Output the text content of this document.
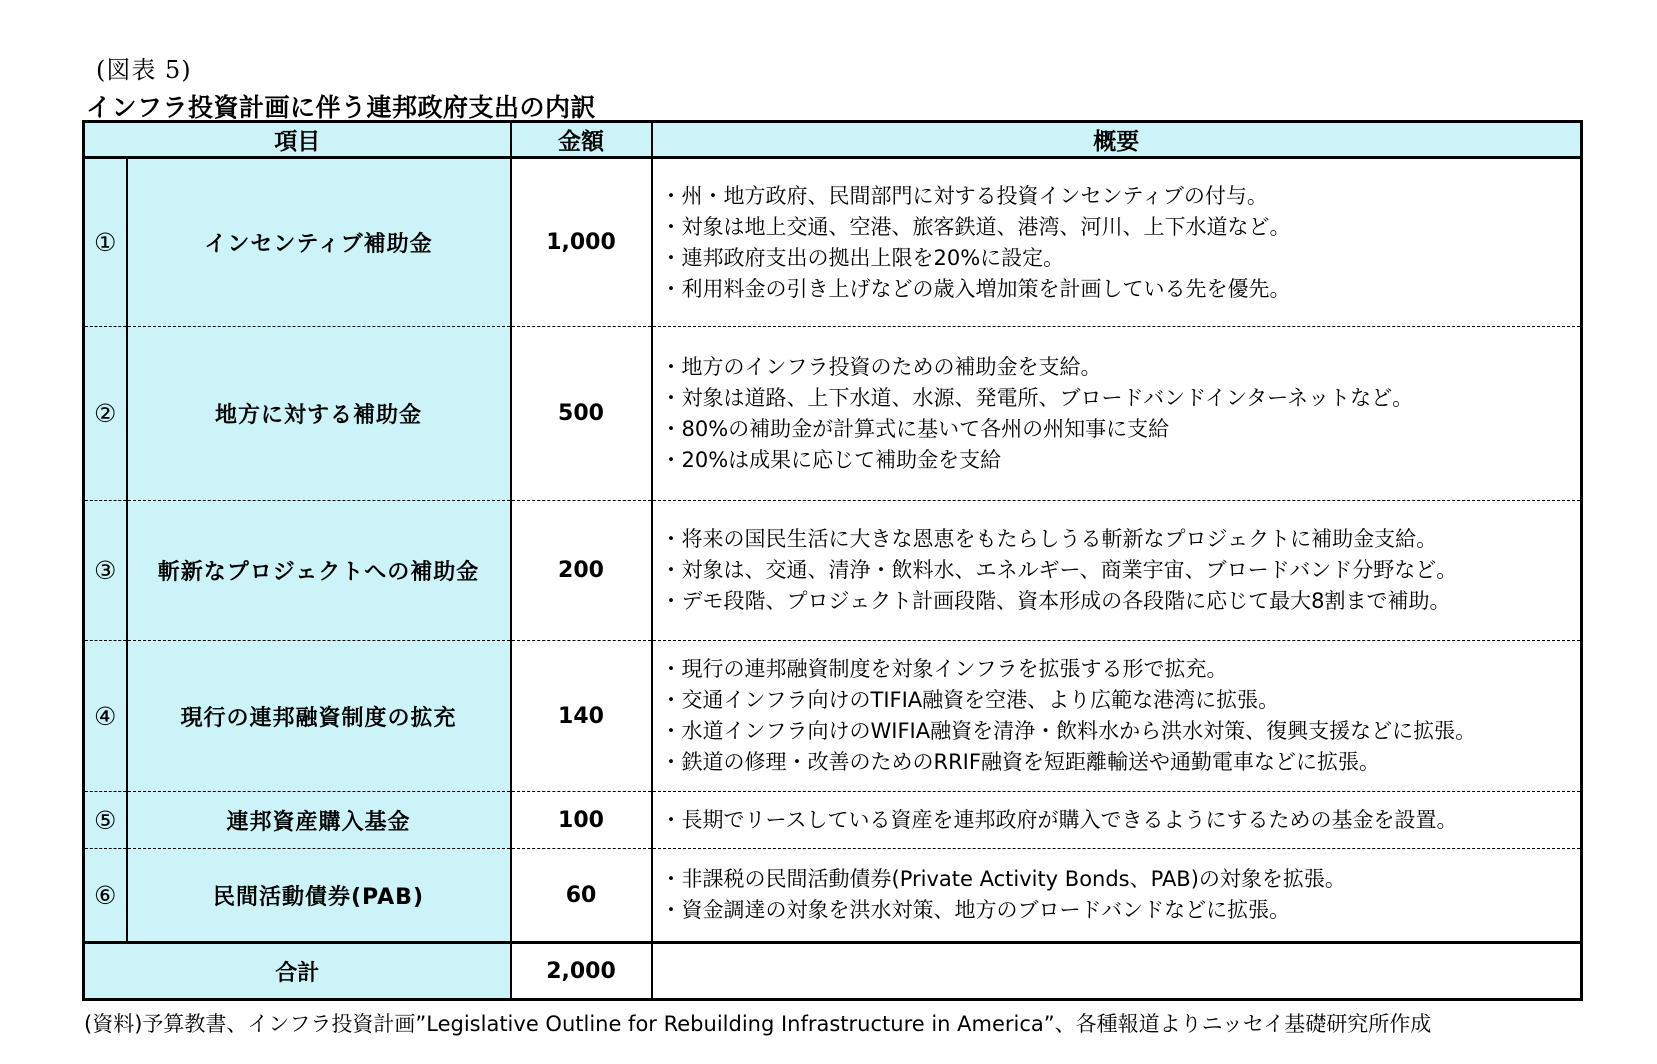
(図表 5)
インフラ投資計画に伴う連邦政府支出の内訳
項目		金額	概要
①	インセンティブ補助金	1,000	・州・地方政府、民間部門に対する投資インセンティブの付与。
・対象は地上交通、空港、旅客鉄道、港湾、河川、上下水道など。
・連邦政府支出の拠出上限を20%に設定。
・利用料金の引き上げなどの歳入増加策を計画している先を優先。

②	地方に対する補助金	500	・地方のインフラ投資のための補助金を支給。
・対象は道路、上下水道、水源、発電所、ブロードバンドインターネットなど。
・80%の補助金が計算式に基いて各州の州知事に支給
・20%は成果に応じて補助金を支給

③	斬新なプロジェクトへの補助金	200	・将来の国民生活に大きな恩恵をもたらしうる斬新なプロジェクトに補助金支給。
・対象は、交通、清浄・飲料水、エネルギー、商業宇宙、ブロードバンド分野など。
・デモ段階、プロジェクト計画段階、資本形成の各段階に応じて最大8割まで補助。

④	現行の連邦融資制度の拡充	140	・現行の連邦融資制度を対象インフラを拡張する形で拡充。
・交通インフラ向けのTIFIA融資を空港、より広範な港湾に拡張。
・水道インフラ向けのWIFIA融資を清浄・飲料水から洪水対策、復興支援などに拡張。
・鉄道の修理・改善のためのRRIF融資を短距離輸送や通勤電車などに拡張。

⑤	連邦資産購入基金	100	・長期でリースしている資産を連邦政府が購入できるようにするための基金を設置。

⑥	民間活動債券(PAB)	60	・非課税の民間活動債券(Private Activity Bonds、PAB)の対象を拡張。
・資金調達の対象を洪水対策、地方のブロードバンドなどに拡張。

合計		2,000	
(資料)予算教書、インフラ投資計画”Legislative Outline for Rebuilding Infrastructure in America”、各種報道よりニッセイ基礎研究所作成
